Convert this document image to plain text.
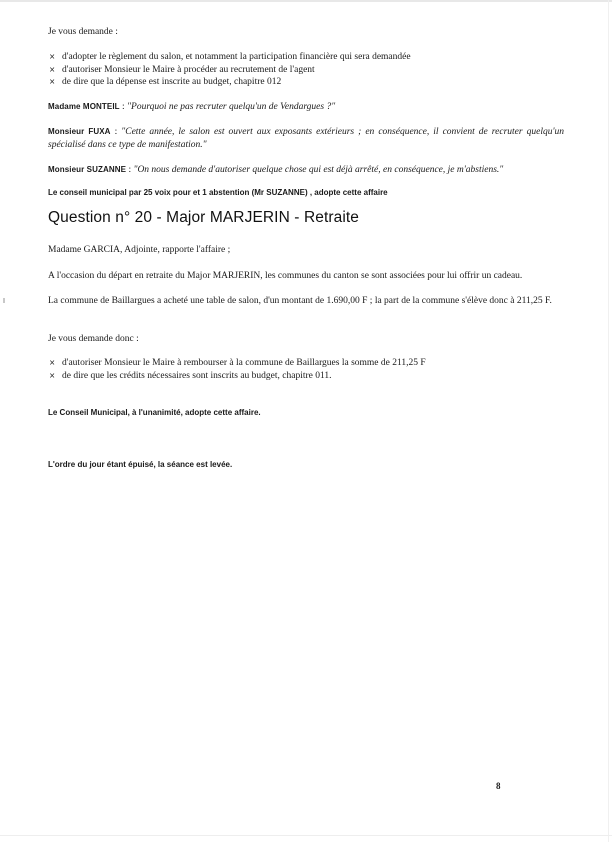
Je vous demande :

× d'adopter le règlement du salon, et notamment la participation financière qui sera demandée
× d'autoriser Monsieur le Maire à procéder au recrutement de l'agent
× de dire que la dépense est inscrite au budget, chapitre 012

Madame MONTEIL : "Pourquoi ne pas recruter quelqu'un de Vendargues ?"

Monsieur FUXA : "Cette année, le salon est ouvert aux exposants extérieurs ; en conséquence, il convient de recruter quelqu'un spécialisé dans ce type de manifestation."

Monsieur SUZANNE : "On nous demande d'autoriser quelque chose qui est déjà arrêté, en conséquence, je m'abstiens."

Le conseil municipal par 25 voix pour et 1 abstention (Mr SUZANNE) , adopte cette affaire

Question n° 20 - Major MARJERIN - Retraite

Madame GARCIA, Adjointe, rapporte l'affaire ;

A l'occasion du départ en retraite du Major MARJERIN, les communes du canton se sont associées pour lui offrir un cadeau.

La commune de Baillargues a acheté une table de salon, d'un montant de 1.690,00 F ; la part de la commune s'élève donc à 211,25 F.

Je vous demande donc :

× d'autoriser Monsieur le Maire à rembourser à la commune de Baillargues la somme de 211,25 F
× de dire que les crédits nécessaires sont inscrits au budget, chapitre 011.

Le Conseil Municipal, à l'unanimité, adopte cette affaire.

L'ordre du jour étant épuisé, la séance est levée.

8
